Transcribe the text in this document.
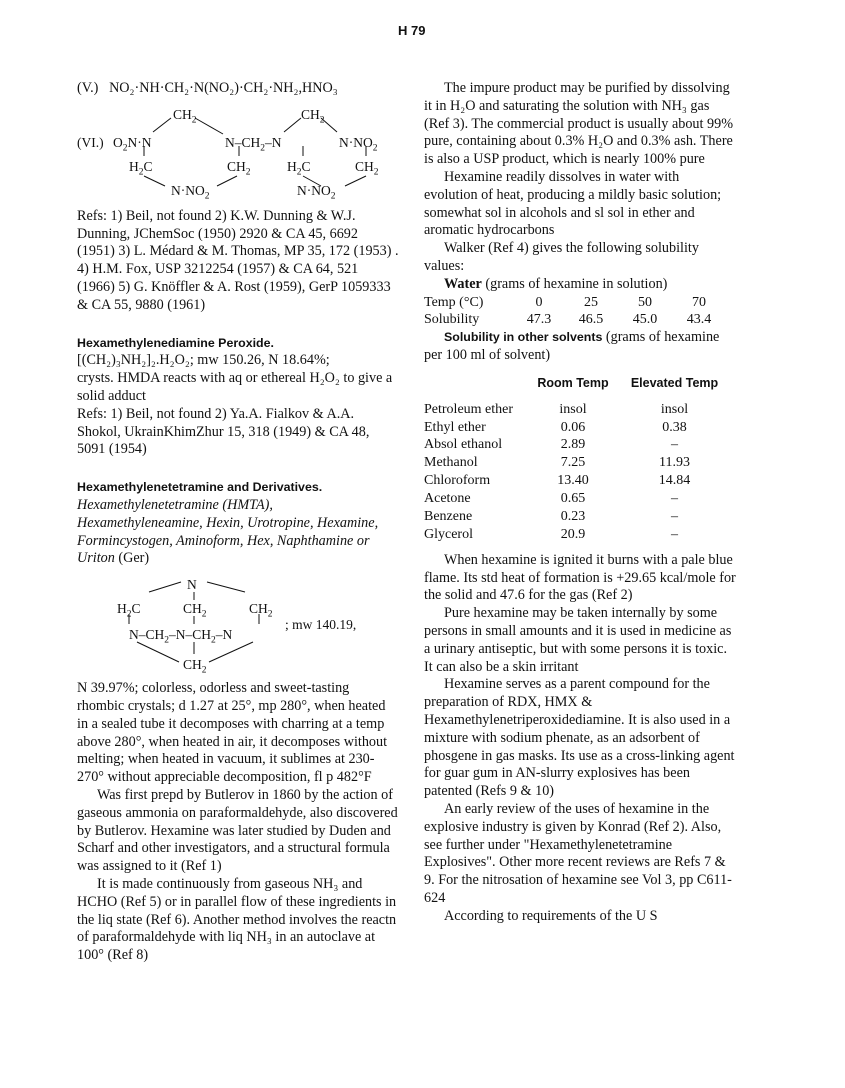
H 79

(V.) NO₂·NH·CH₂·N(NO₂)·CH₂·NH₂,HNO₃

(VI.)
$CH_2$	$CH_2$
$O_2N\cdot N$	$N-CH_2-N$	$N\cdot NO_2$
$H_2C$	$CH_2$	$H_2C$	$CH_2$
$N\cdot NO_2$	$N\cdot NO_2$

Refs: 1) Beil, not found 2) K.W. Dunning & W.J. Dunning, JChemSoc (1950) 2920 & CA 45, 6692 (1951) 3) L. Médard & M. Thomas, MP 35, 172 (1953) . 4) H.M. Fox, USP 3212254 (1957) & CA 64, 521 (1966) 5) G. Knöffler & A. Rost (1959), GerP 1059333 & CA 55, 9880 (1961)

Hexamethylenediamine Peroxide.

[(CH₂)₃NH₂]₂.H₂O₂; mw 150.26, N 18.64%;

crysts. HMDA reacts with aq or ethereal H₂O₂ to give a solid adduct

Refs: 1) Beil, not found 2) Ya.A. Fialkov & A.A. Shokol, UkrainKhimZhur 15, 318 (1949) & CA 48, 5091 (1954)

Hexamethylenetetramine and Derivatives. Hexamethylenetetramine (HMTA), Hexamethyleneamine, Hexin, Urotropine, Hexamine, Formincystogen, Aminoform, Hex, Naphthamine or Uriton (Ger)

N
$H_2C$	$CH_2$	$CH_2$
; mw 140.19,
$N-CH_2-N-CH_2-N$
$CH_2$

N 39.97%; colorless, odorless and sweet-tasting rhombic crystals; d 1.27 at 25°, mp 280°, when heated in a sealed tube it decomposes with charring at a temp above 280°, when heated in air, it decomposes without melting; when heated in vacuum, it sublimes at 230-270° without appreciable decomposition, fl p 482°F

Was first prepd by Butlerov in 1860 by the action of gaseous ammonia on paraformaldehyde, also discovered by Butlerov. Hexamine was later studied by Duden and Scharf and other investigators, and a structural formula was assigned to it (Ref 1)

It is made continuously from gaseous NH₃ and HCHO (Ref 5) or in parallel flow of these ingredients in the liq state (Ref 6). Another method involves the reactn of paraformaldehyde with liq NH₃ in an autoclave at 100° (Ref 8)

The impure product may be purified by dissolving it in H₂O and saturating the solution with NH₃ gas (Ref 3). The commercial product is usually about 99% pure, containing about 0.3% H₂O and 0.3% ash. There is also a USP product, which is nearly 100% pure

Hexamine readily dissolves in water with evolution of heat, producing a mildly basic solution; somewhat sol in alcohols and sl sol in ether and aromatic hydrocarbons

Walker (Ref 4) gives the following solubility values:

Water (grams of hexamine in solution)

Temp (°C)	0	25	50	70
Solubility	47.3	46.5	45.0	43.4

Solubility in other solvents (grams of hexamine per 100 ml of solvent)

	Room Temp	Elevated Temp

Petroleum ether	insol	insol
Ethyl ether	0.06	0.38
Absol ethanol	2.89	–
Methanol	7.25	11.93
Chloroform	13.40	14.84
Acetone	0.65	–
Benzene	0.23	–
Glycerol	20.9	–

When hexamine is ignited it burns with a pale blue flame. Its std heat of formation is +29.65 kcal/mole for the solid and 47.6 for the gas (Ref 2)

Pure hexamine may be taken internally by some persons in small amounts and it is used in medicine as a urinary antiseptic, but with some persons it is toxic. It can also be a skin irritant

Hexamine serves as a parent compound for the preparation of RDX, HMX & Hexamethylenetriperoxidediamine. It is also used in a mixture with sodium phenate, as an adsorbent of phosgene in gas masks. Its use as a cross-linking agent for guar gum in AN-slurry explosives has been patented (Refs 9 & 10)

An early review of the uses of hexamine in the explosive industry is given by Konrad (Ref 2). Also, see further under "Hexamethylenetetramine Explosives". Other more recent reviews are Refs 7 & 9. For the nitrosation of hexamine see Vol 3, pp C611-624

According to requirements of the U S
